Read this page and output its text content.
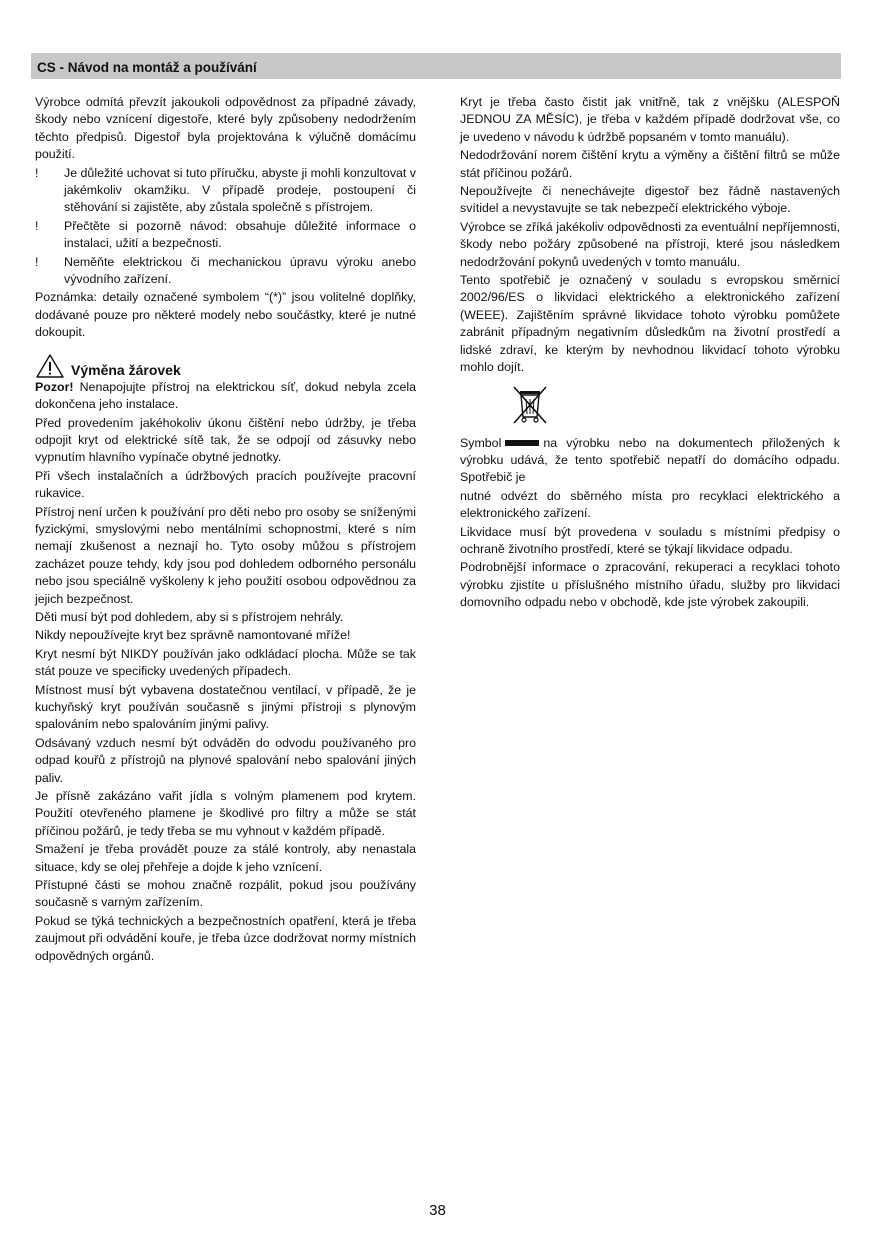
CS - Návod na montáž a používání

Výrobce odmítá převzít jakoukoli odpovědnost za případné závady, škody nebo vznícení digestoře, které byly způsobeny nedodržením těchto předpisů. Digestoř byla projektována k výlučně domácímu použití.

! Je důležité uchovat si tuto příručku, abyste ji mohli konzultovat v jakémkoliv okamžiku. V případě prodeje, postoupení či stěhování si zajistěte, aby zůstala společně s přístrojem.
! Přečtěte si pozorně návod: obsahuje důležité informace o instalaci, užití a bezpečnosti.
! Neměňte elektrickou či mechanickou úpravu výroku anebo vývodního zařízení.

Poznámka: detaily označené symbolem “(*)” jsou volitelné doplňky, dodávané pouze pro některé modely nebo součástky, které je nutné dokoupit.

Výměna žárovek

Pozor! Nenapojujte přístroj na elektrickou síť, dokud nebyla zcela dokončena jeho instalace.

Před provedením jakéhokoliv úkonu čištění nebo údržby, je třeba odpojit kryt od elektrické sítě tak, že se odpojí od zásuvky nebo vypnutím hlavního vypínače obytné jednotky.

Při všech instalačních a údržbových pracích používejte pracovní rukavice.

Přístroj není určen k používání pro děti nebo pro osoby se sníženými fyzickými, smyslovými nebo mentálními schopnostmi, které s ním nemají zkušenost a neznají ho. Tyto osoby můžou s přístrojem zacházet pouze tehdy, kdy jsou pod dohledem odborného personálu nebo jsou speciálně vyškoleny k jeho použití osobou odpovědnou za jejich bezpečnost.

Děti musí být pod dohledem, aby si s přístrojem nehrály.

Nikdy nepoužívejte kryt bez správně namontované mříže!

Kryt nesmí být NIKDY používán jako odkládací plocha. Může se tak stát pouze ve specificky uvedených případech.

Místnost musí být vybavena dostatečnou ventilací, v případě, že je kuchyňský kryt používán současně s jinými přístroji s plynovým spalováním nebo spalováním jinými palivy.

Odsávaný vzduch nesmí být odváděn do odvodu používaného pro odpad kouřů z přístrojů na plynové spalování nebo spalování jiných paliv.

Je přísně zakázáno vařit jídla s volným plamenem pod krytem. Použití otevřeného plamene je škodlivé pro filtry a může se stát příčinou požárů, je tedy třeba se mu vyhnout v každém případě.

Smažení je třeba provádět pouze za stálé kontroly, aby nenastala situace, kdy se olej přehřeje a dojde k jeho vznícení.

Přístupné části se mohou značně rozpálit, pokud jsou používány současně s varným zařízením.

Pokud se týká technických a bezpečnostních opatření, která je třeba zaujmout při odvádění kouře, je třeba úzce dodržovat normy místních odpovědných orgánů.

Kryt je třeba často čistit jak vnitřně, tak z vnějšku (ALESPOŇ JEDNOU ZA MĚSÍC), je třeba v každém případě dodržovat vše, co je uvedeno v návodu k údržbě popsaném v tomto manuálu).

Nedodržování norem čištění krytu a výměny a čištění filtrů se může stát příčinou požárů.

Nepoužívejte či nenechávejte digestoř bez řádně nastavených svítidel a nevystavujte se tak nebezpečí elektrického výboje.

Výrobce se zříká jakékoliv odpovědnosti za eventuální nepříjemnosti, škody nebo požáry způsobené na přístroji, které jsou následkem nedodržování pokynů uvedených v tomto manuálu.

Tento spotřebič je označený v souladu s evropskou směrnicí 2002/96/ES o likvidaci elektrického a elektronického zařízení (WEEE). Zajištěním správné likvidace tohoto výrobku pomůžete zabránit případným negativním důsledkům na životní prostředí a lidské zdraví, ke kterým by nevhodnou likvidací tohoto výrobku mohlo dojít.

Symbol	na výrobku nebo na dokumentech přiložených k výrobku udává, že tento spotřebič nepatří do domácího odpadu. Spotřebič je

nutné odvézt do sběrného místa pro recyklaci elektrického a elektronického zařízení.

Likvidace musí být provedena v souladu s místními předpisy o ochraně životního prostředí, které se týkají likvidace odpadu.

Podrobnější informace o zpracování, rekuperaci a recyklaci tohoto výrobku zjistíte u příslušného místního úřadu, služby pro likvidaci domovního odpadu nebo v obchodě, kde jste výrobek zakoupili.

38
